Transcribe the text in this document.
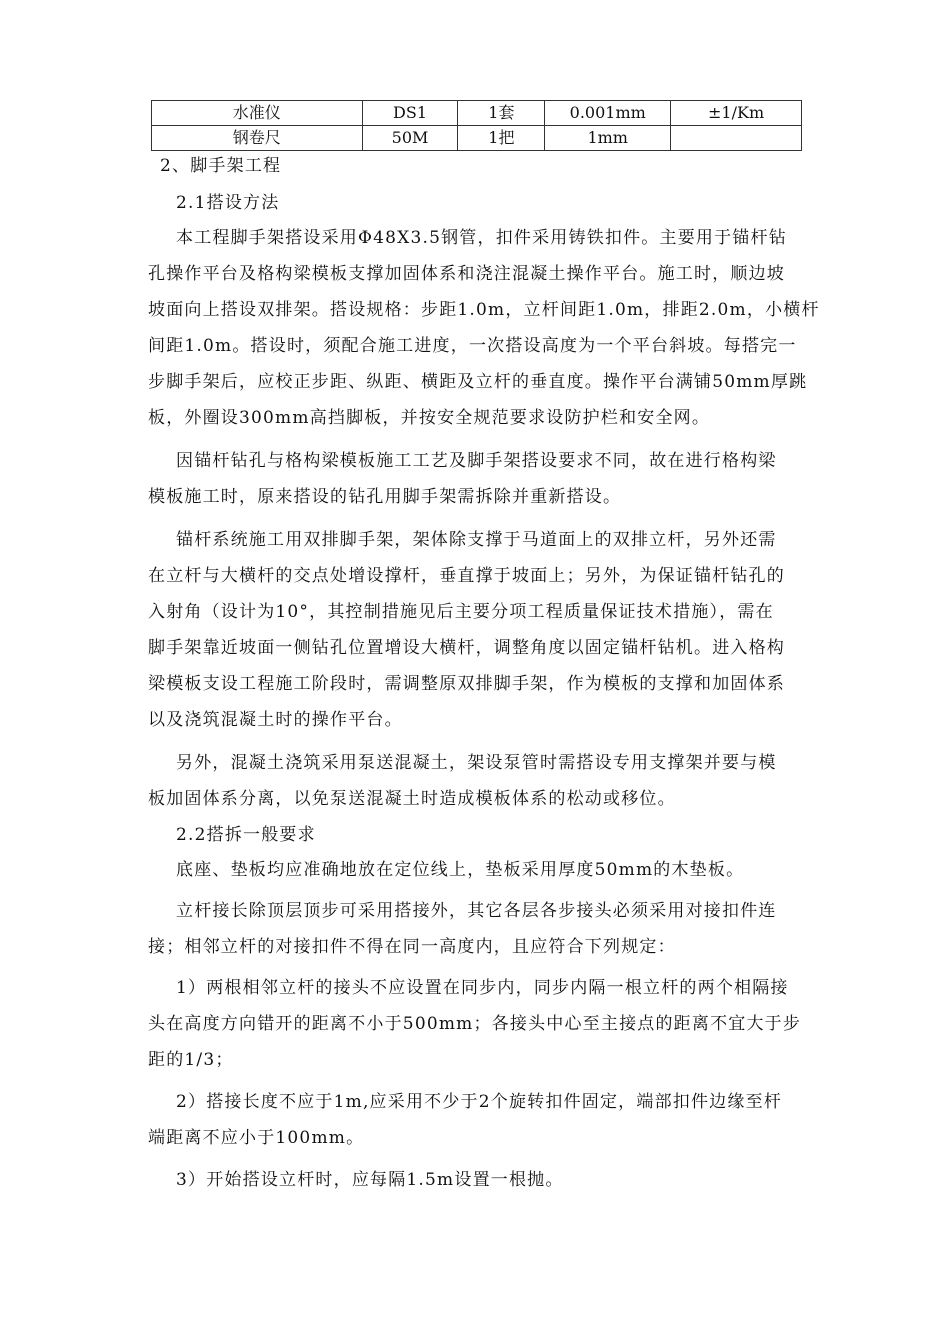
水准仪	DS1	1套	0.001mm	±1/Km
钢卷尺	50M	1把	1mm	
2、脚手架工程
2.1搭设方法
本工程脚手架搭设采用Φ48X3.5钢管，扣件采用铸铁扣件。主要用于锚杆钻
孔操作平台及格构梁模板支撑加固体系和浇注混凝土操作平台。施工时，顺边坡
坡面向上搭设双排架。搭设规格：步距1.0m，立杆间距1.0m，排距2.0m，小横杆
间距1.0m。搭设时，须配合施工进度，一次搭设高度为一个平台斜坡。每搭完一
步脚手架后，应校正步距、纵距、横距及立杆的垂直度。操作平台满铺50mm厚跳
板，外圈设300mm高挡脚板，并按安全规范要求设防护栏和安全网。
因锚杆钻孔与格构梁模板施工工艺及脚手架搭设要求不同，故在进行格构梁
模板施工时，原来搭设的钻孔用脚手架需拆除并重新搭设。
锚杆系统施工用双排脚手架，架体除支撑于马道面上的双排立杆，另外还需
在立杆与大横杆的交点处增设撑杆，垂直撑于坡面上；另外，为保证锚杆钻孔的
入射角（设计为10°，其控制措施见后主要分项工程质量保证技术措施），需在
脚手架靠近坡面一侧钻孔位置增设大横杆，调整角度以固定锚杆钻机。进入格构
梁模板支设工程施工阶段时，需调整原双排脚手架，作为模板的支撑和加固体系
以及浇筑混凝土时的操作平台。
另外，混凝土浇筑采用泵送混凝土，架设泵管时需搭设专用支撑架并要与模
板加固体系分离，以免泵送混凝土时造成模板体系的松动或移位。
2.2搭拆一般要求
底座、垫板均应准确地放在定位线上，垫板采用厚度50mm的木垫板。
立杆接长除顶层顶步可采用搭接外，其它各层各步接头必须采用对接扣件连
接；相邻立杆的对接扣件不得在同一高度内，且应符合下列规定：
1）两根相邻立杆的接头不应设置在同步内，同步内隔一根立杆的两个相隔接
头在高度方向错开的距离不小于500mm；各接头中心至主接点的距离不宜大于步
距的1/3；
2）搭接长度不应于1m,应采用不少于2个旋转扣件固定，端部扣件边缘至杆
端距离不应小于100mm。
3）开始搭设立杆时，应每隔1.5m设置一根抛。
